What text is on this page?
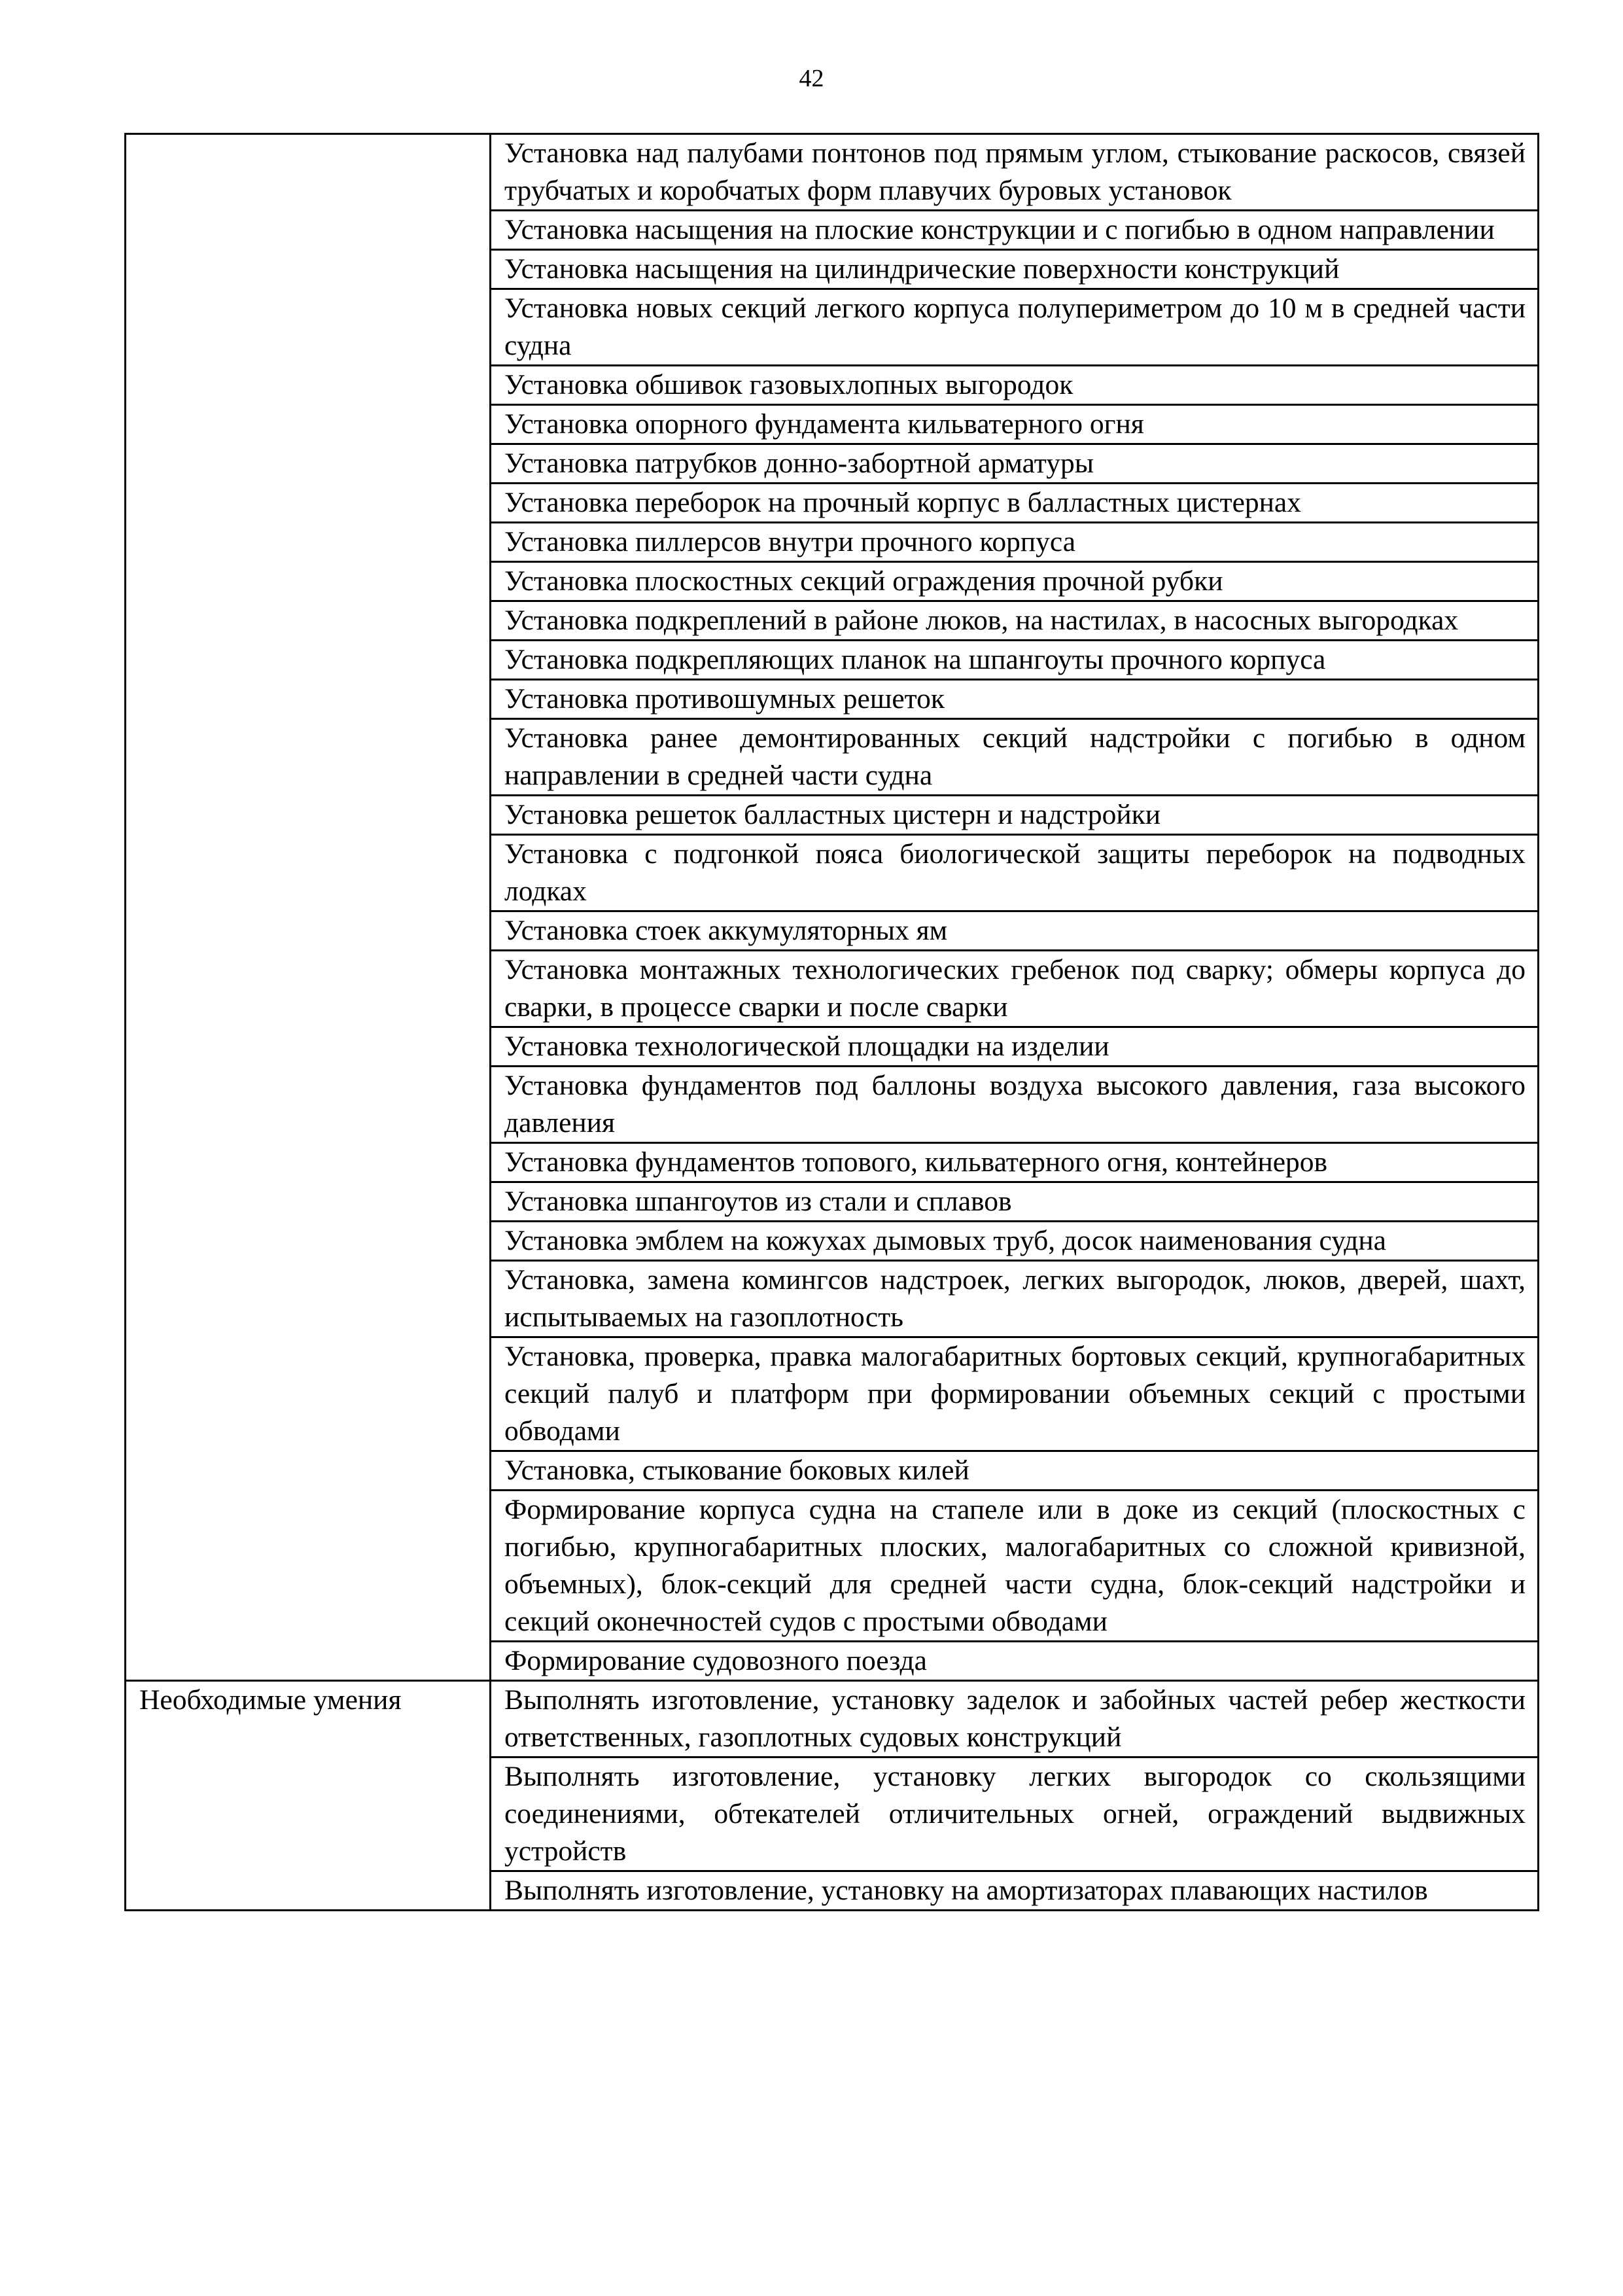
42
	Установка над палубами понтонов под прямым углом, стыкование раскосов, связей трубчатых и коробчатых форм плавучих буровых установок
	Установка насыщения на плоские конструкции и с погибью в одном направлении
	Установка насыщения на цилиндрические поверхности конструкций
	Установка новых секций легкого корпуса полупериметром до 10 м в средней части судна
	Установка обшивок газовыхлопных выгородок
	Установка опорного фундамента кильватерного огня
	Установка патрубков донно-забортной арматуры
	Установка переборок на прочный корпус в балластных цистернах
	Установка пиллерсов внутри прочного корпуса
	Установка плоскостных секций ограждения прочной рубки
	Установка подкреплений в районе люков, на настилах, в насосных выгородках
	Установка подкрепляющих планок на шпангоуты прочного корпуса
	Установка противошумных решеток
	Установка ранее демонтированных секций надстройки с погибью в одном направлении в средней части судна
	Установка решеток балластных цистерн и надстройки
	Установка с подгонкой пояса биологической защиты переборок на подводных лодках
	Установка стоек аккумуляторных ям
	Установка монтажных технологических гребенок под сварку; обмеры корпуса до сварки, в процессе сварки и после сварки
	Установка технологической площадки на изделии
	Установка фундаментов под баллоны воздуха высокого давления, газа высокого давления
	Установка фундаментов топового, кильватерного огня, контейнеров
	Установка шпангоутов из стали и сплавов
	Установка эмблем на кожухах дымовых труб, досок наименования судна
	Установка, замена комингсов надстроек, легких выгородок, люков, дверей, шахт, испытываемых на газоплотность
	Установка, проверка, правка малогабаритных бортовых секций, крупногабаритных секций палуб и платформ при формировании объемных секций с простыми обводами
	Установка, стыкование боковых килей
	Формирование корпуса судна на стапеле или в доке из секций (плоскостных с погибью, крупногабаритных плоских, малогабаритных со сложной кривизной, объемных), блок-секций для средней части судна, блок-секций надстройки и секций оконечностей судов с простыми обводами
	Формирование судовозного поезда
Необходимые умения	Выполнять изготовление, установку заделок и забойных частей ребер жесткости ответственных, газоплотных судовых конструкций
	Выполнять изготовление, установку легких выгородок со скользящими соединениями, обтекателей отличительных огней, ограждений выдвижных устройств
	Выполнять изготовление, установку на амортизаторах плавающих настилов
